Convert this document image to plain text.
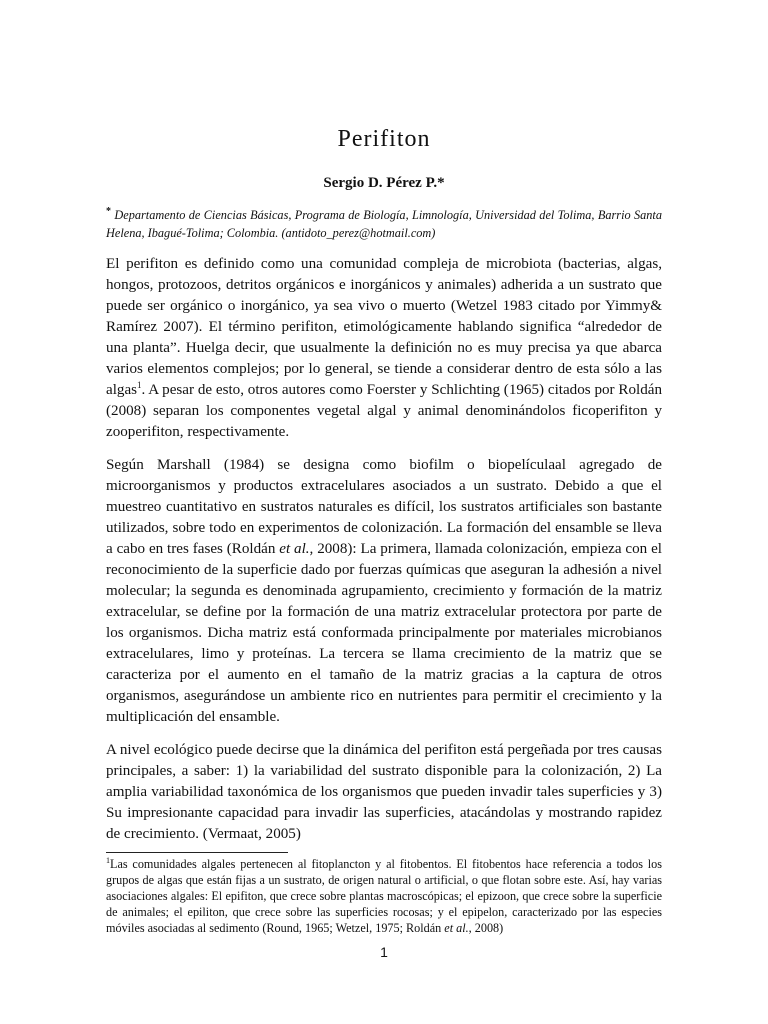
Perifiton
Sergio D. Pérez P.*
* Departamento de Ciencias Básicas, Programa de Biología, Limnología, Universidad del Tolima, Barrio Santa Helena, Ibagué-Tolima; Colombia. (antidoto_perez@hotmail.com)

El perifiton es definido como una comunidad compleja de microbiota (bacterias, algas, hongos, protozoos, detritos orgánicos e inorgánicos y animales) adherida a un sustrato que puede ser orgánico o inorgánico, ya sea vivo o muerto (Wetzel 1983 citado por Yimmy& Ramírez 2007). El término perifiton, etimológicamente hablando significa “alrededor de una planta”. Huelga decir, que usualmente la definición no es muy precisa ya que abarca varios elementos complejos; por lo general, se tiende a considerar dentro de esta sólo a las algas$^1$. A pesar de esto, otros autores como Foerster y Schlichting (1965) citados por Roldán (2008) separan los componentes vegetal algal y animal denominándolos ficoperifiton y zooperifiton, respectivamente.

Según Marshall (1984) se designa como biofilm o biopelículaal agregado de microorganismos y productos extracelulares asociados a un sustrato. Debido a que el muestreo cuantitativo en sustratos naturales es difícil, los sustratos artificiales son bastante utilizados, sobre todo en experimentos de colonización. La formación del ensamble se lleva a cabo en tres fases (Roldán et al., 2008): La primera, llamada colonización, empieza con el reconocimiento de la superficie dado por fuerzas químicas que aseguran la adhesión a nivel molecular; la segunda es denominada agrupamiento, crecimiento y formación de la matriz extracelular, se define por la formación de una matriz extracelular protectora por parte de los organismos. Dicha matriz está conformada principalmente por materiales microbianos extracelulares, limo y proteínas. La tercera se llama crecimiento de la matriz que se caracteriza por el aumento en el tamaño de la matriz gracias a la captura de otros organismos, asegurándose un ambiente rico en nutrientes para permitir el crecimiento y la multiplicación del ensamble.

A nivel ecológico puede decirse que la dinámica del perifiton está pergeñada por tres causas principales, a saber: 1) la variabilidad del sustrato disponible para la colonización, 2) La amplia variabilidad taxonómica de los organismos que pueden invadir tales superficies y 3) Su impresionante capacidad para invadir las superficies, atacándolas y mostrando rapidez de crecimiento. (Vermaat, 2005)

$^1$Las comunidades algales pertenecen al fitoplancton y al fitobentos. El fitobentos hace referencia a todos los grupos de algas que están fijas a un sustrato, de origen natural o artificial, o que flotan sobre este. Así, hay varias asociaciones algales: El epifiton, que crece sobre plantas macroscópicas; el epizoon, que crece sobre la superficie de animales; el epiliton, que crece sobre las superficies rocosas; y el epipelon, caracterizado por las especies móviles asociadas al sedimento (Round, 1965; Wetzel, 1975; Roldán et al., 2008)
1
